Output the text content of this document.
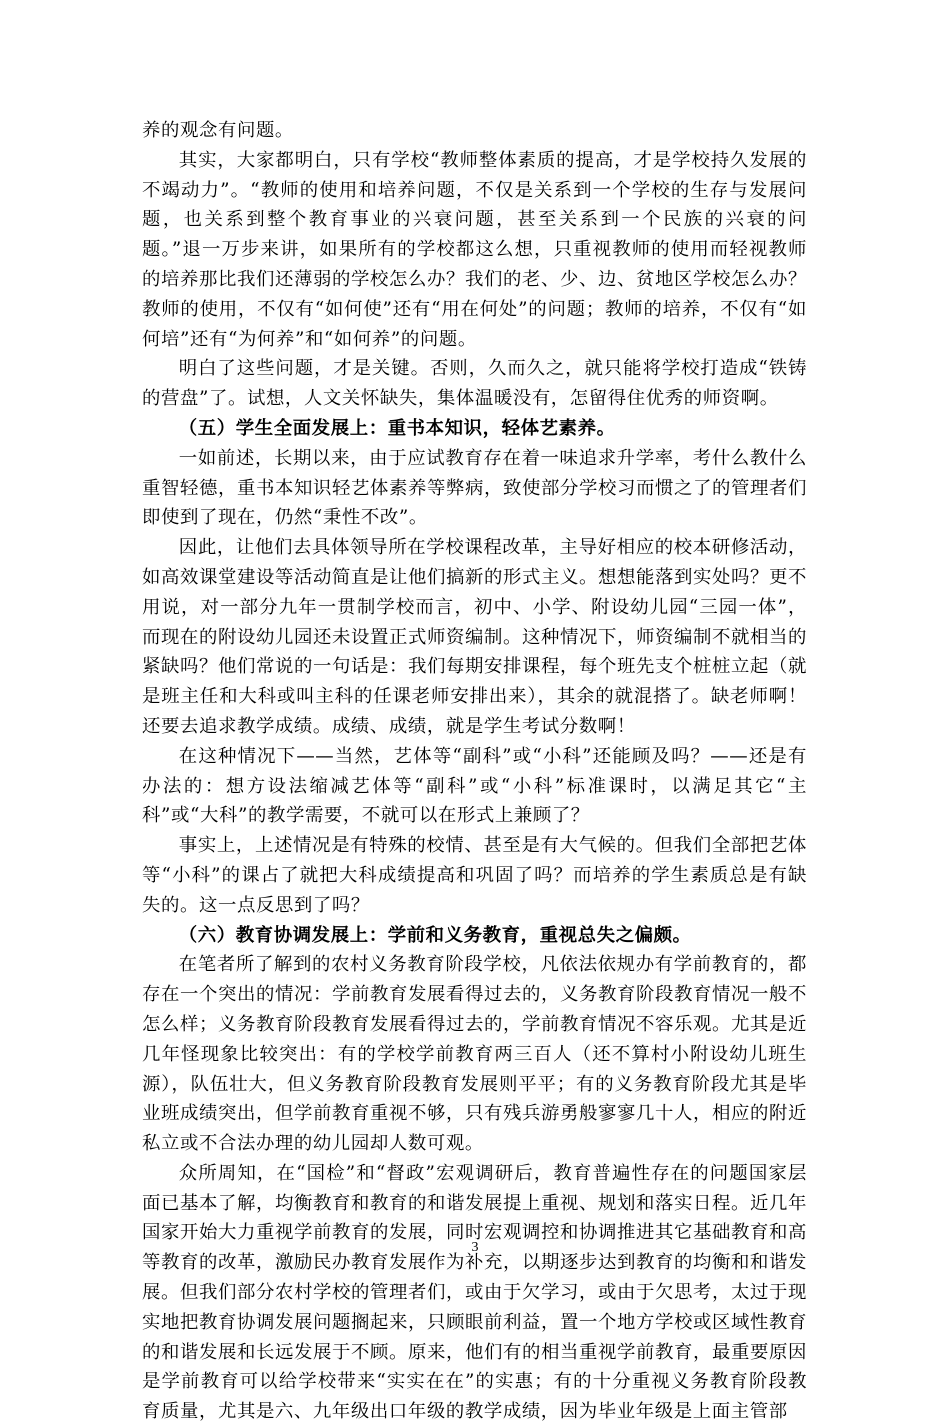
养的观念有问题。

其实，大家都明白，只有学校“教师整体素质的提高，才是学校持久发展的不竭动力”。“教师的使用和培养问题，不仅是关系到一个学校的生存与发展问题，也关系到整个教育事业的兴衰问题，甚至关系到一个民族的兴衰的问题。”退一万步来讲，如果所有的学校都这么想，只重视教师的使用而轻视教师的培养那比我们还薄弱的学校怎么办？我们的老、少、边、贫地区学校怎么办？教师的使用，不仅有“如何使”还有“用在何处”的问题；教师的培养，不仅有“如何培”还有“为何养”和“如何养”的问题。

明白了这些问题，才是关键。否则，久而久之，就只能将学校打造成“铁铸的营盘”了。试想，人文关怀缺失，集体温暖没有，怎留得住优秀的师资啊。

（五）学生全面发展上：重书本知识，轻体艺素养。

一如前述，长期以来，由于应试教育存在着一味追求升学率，考什么教什么重智轻德，重书本知识轻艺体素养等弊病，致使部分学校习而惯之了的管理者们即使到了现在，仍然“秉性不改”。

因此，让他们去具体领导所在学校课程改革，主导好相应的校本研修活动，如高效课堂建设等活动简直是让他们搞新的形式主义。想想能落到实处吗？更不用说，对一部分九年一贯制学校而言，初中、小学、附设幼儿园“三园一体”，而现在的附设幼儿园还未设置正式师资编制。这种情况下，师资编制不就相当的紧缺吗？他们常说的一句话是：我们每期安排课程，每个班先支个桩桩立起（就是班主任和大科或叫主科的任课老师安排出来），其余的就混搭了。缺老师啊！还要去追求教学成绩。成绩、成绩，就是学生考试分数啊！

在这种情况下——当然，艺体等“副科”或“小科”还能顾及吗？——还是有办法的：想方设法缩减艺体等“副科”或“小科”标准课时，以满足其它“主科”或“大科”的教学需要，不就可以在形式上兼顾了？

事实上，上述情况是有特殊的校情、甚至是有大气候的。但我们全部把艺体等“小科”的课占了就把大科成绩提高和巩固了吗？而培养的学生素质总是有缺失的。这一点反思到了吗？

（六）教育协调发展上：学前和义务教育，重视总失之偏颇。

在笔者所了解到的农村义务教育阶段学校，凡依法依规办有学前教育的，都存在一个突出的情况：学前教育发展看得过去的，义务教育阶段教育情况一般不怎么样；义务教育阶段教育发展看得过去的，学前教育情况不容乐观。尤其是近几年怪现象比较突出：有的学校学前教育两三百人（还不算村小附设幼儿班生源），队伍壮大，但义务教育阶段教育发展则平平；有的义务教育阶段尤其是毕业班成绩突出，但学前教育重视不够，只有残兵游勇般寥寥几十人，相应的附近私立或不合法办理的幼儿园却人数可观。

众所周知，在“国检”和“督政”宏观调研后，教育普遍性存在的问题国家层面已基本了解，均衡教育和教育的和谐发展提上重视、规划和落实日程。近几年国家开始大力重视学前教育的发展，同时宏观调控和协调推进其它基础教育和高等教育的改革，激励民办教育发展作为补充，以期逐步达到教育的均衡和和谐发展。但我们部分农村学校的管理者们，或由于欠学习，或由于欠思考，太过于现实地把教育协调发展问题搁起来，只顾眼前利益，置一个地方学校或区域性教育的和谐发展和长远发展于不顾。原来，他们有的相当重视学前教育，最重要原因是学前教育可以给学校带来“实实在在”的实惠；有的十分重视义务教育阶段教育质量，尤其是六、九年级出口年级的教学成绩，因为毕业年级是上面主管部

3
